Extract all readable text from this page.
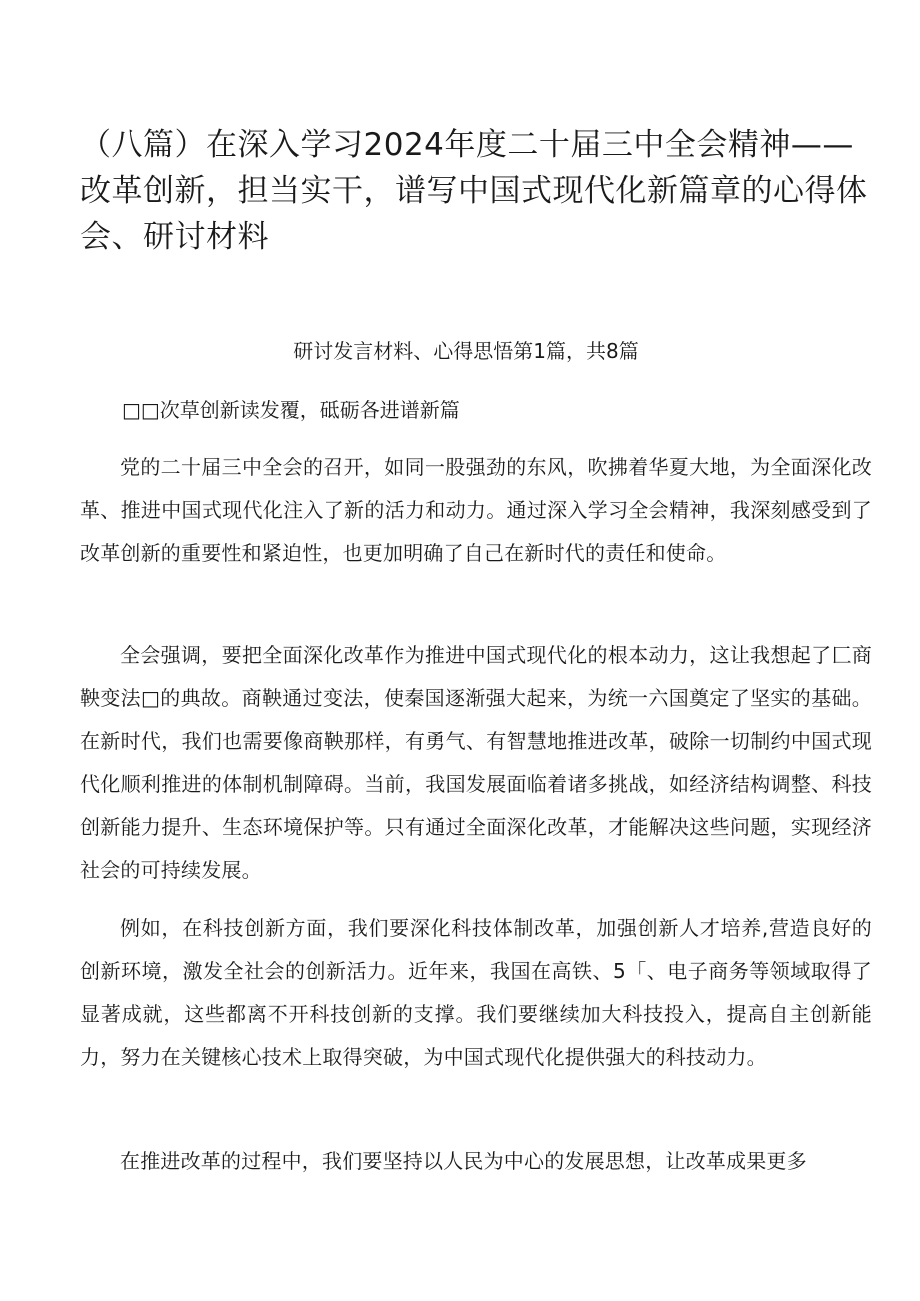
（八篇）在深入学习2024年度二十届三中全会精神——改革创新，担当实干，谱写中国式现代化新篇章的心得体会、研讨材料
研讨发言材料、心得思悟第1篇，共8篇
□□次草创新读发覆，砥砺各进谱新篇

党的二十届三中全会的召开，如同一股强劲的东风，吹拂着华夏大地，为全面深化改革、推进中国式现代化注入了新的活力和动力。通过深入学习全会精神，我深刻感受到了改革创新的重要性和紧迫性，也更加明确了自己在新时代的责任和使命。

全会强调，要把全面深化改革作为推进中国式现代化的根本动力，这让我想起了匚商鞅变法□的典故。商鞅通过变法，使秦国逐渐强大起来，为统一六国奠定了坚实的基础。在新时代，我们也需要像商鞅那样，有勇气、有智慧地推进改革，破除一切制约中国式现代化顺利推进的体制机制障碍。当前，我国发展面临着诸多挑战，如经济结构调整、科技创新能力提升、生态环境保护等。只有通过全面深化改革，才能解决这些问题，实现经济社会的可持续发展。

例如，在科技创新方面，我们要深化科技体制改革，加强创新人才培养,营造良好的创新环境，激发全社会的创新活力。近年来，我国在高铁、5「、电子商务等领域取得了显著成就，这些都离不开科技创新的支撑。我们要继续加大科技投入，提高自主创新能力，努力在关键核心技术上取得突破，为中国式现代化提供强大的科技动力。

在推进改革的过程中，我们要坚持以人民为中心的发展思想，让改革成果更多
